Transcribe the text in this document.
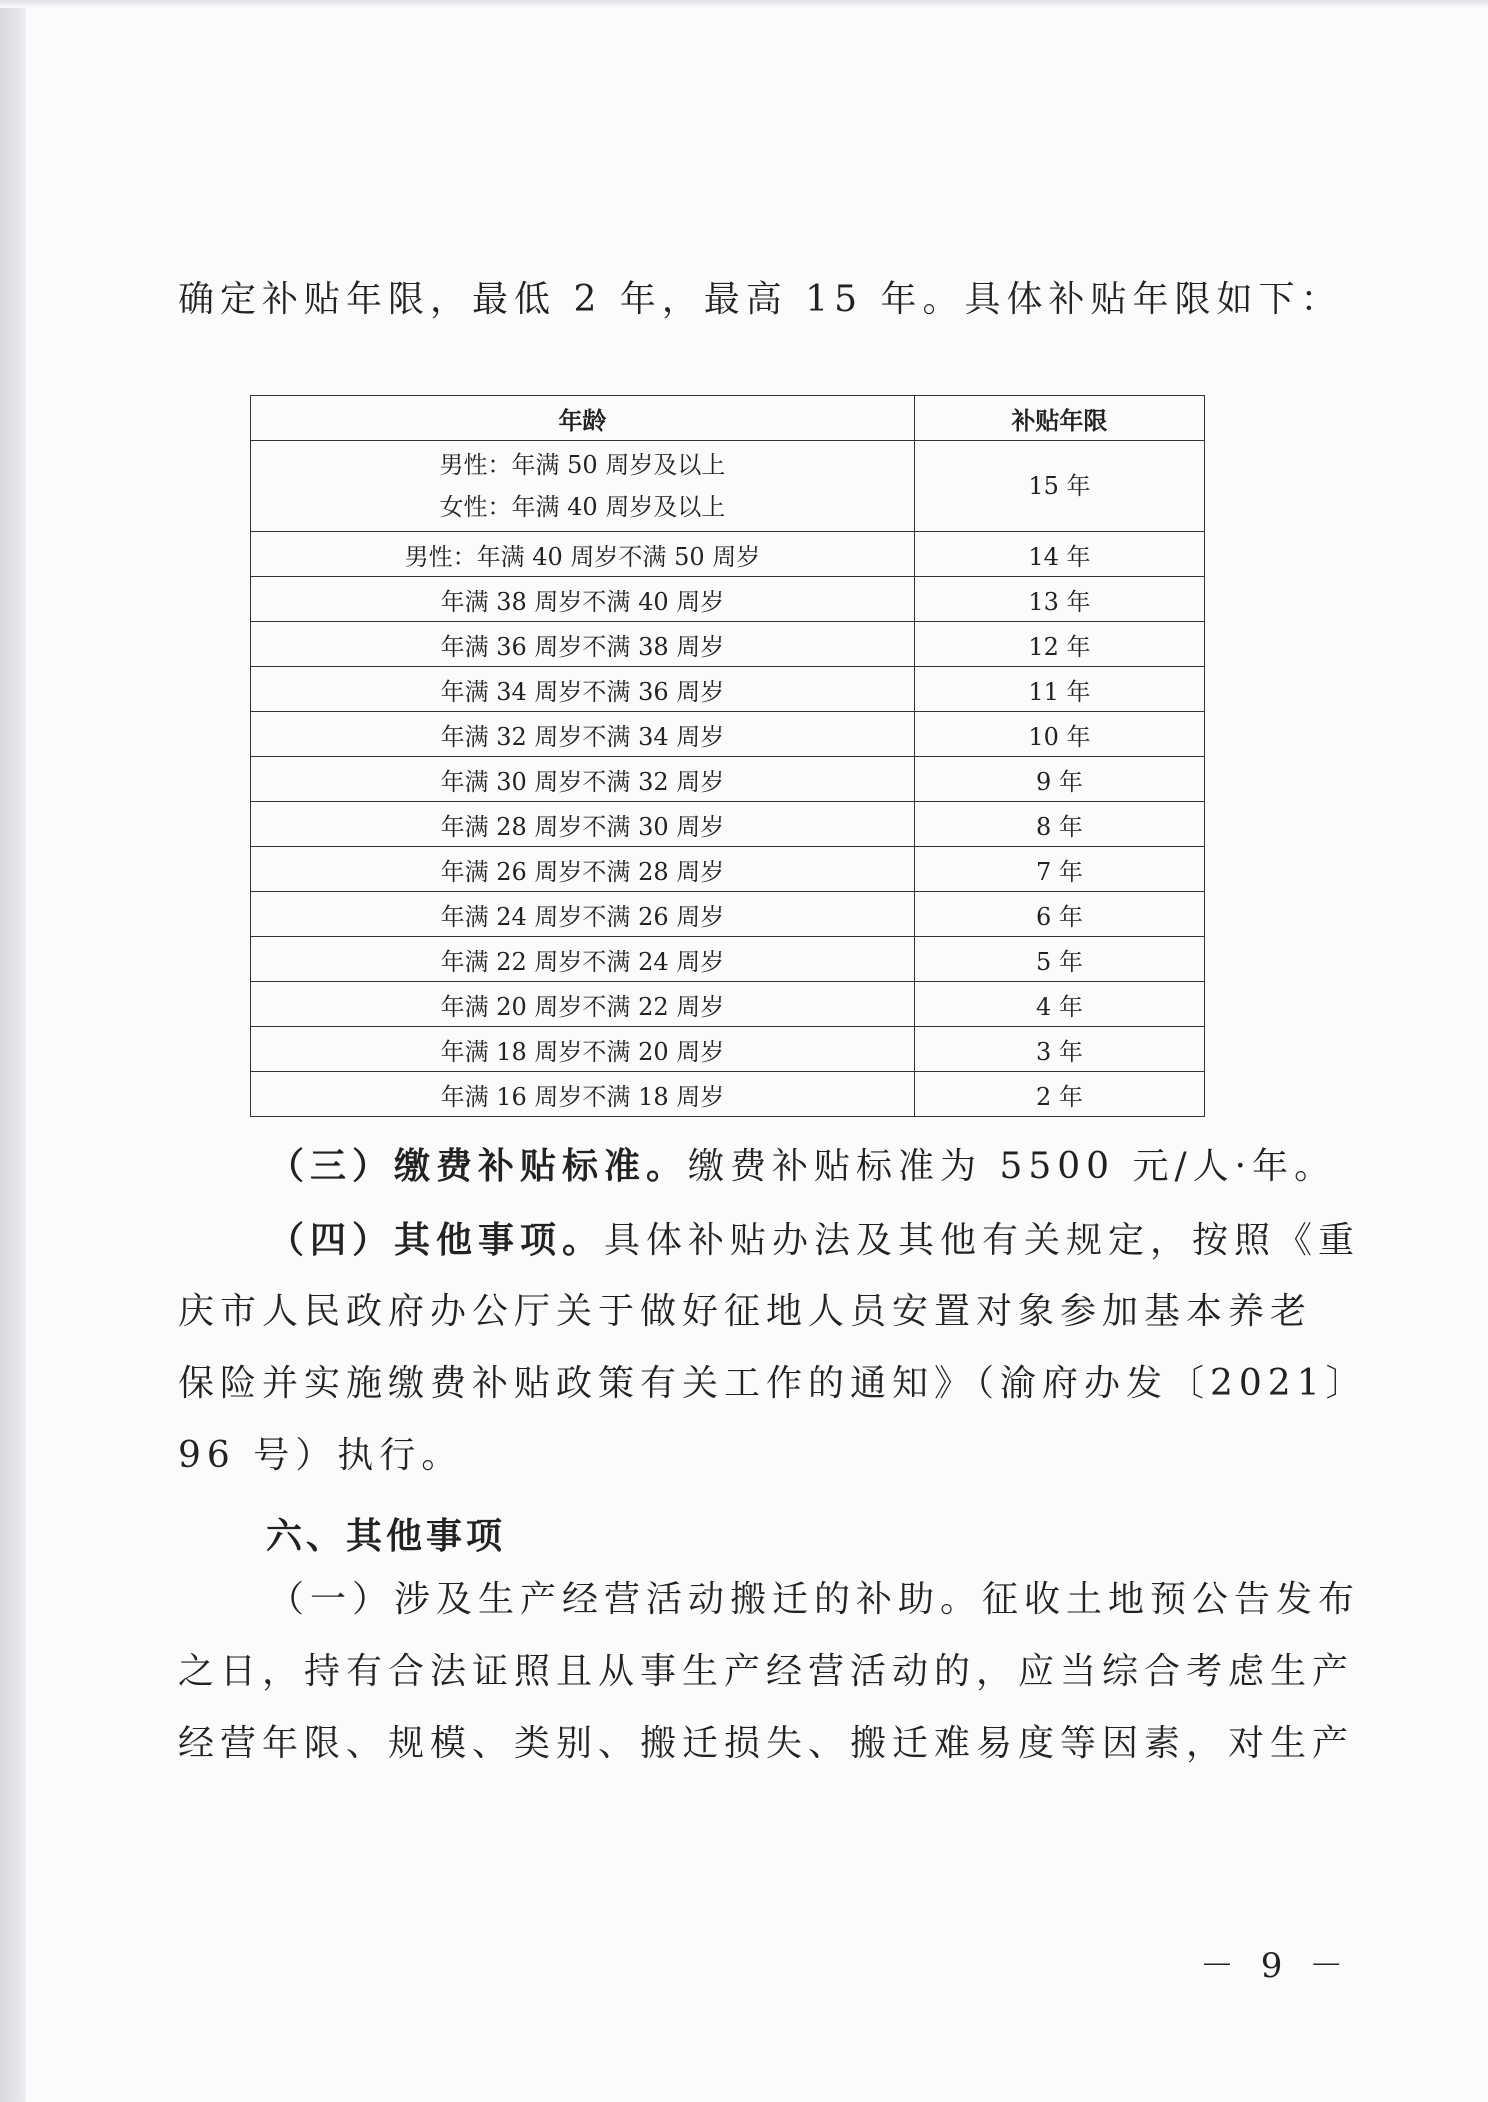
确定补贴年限，最低 2 年，最高 15 年。具体补贴年限如下：
年龄	补贴年限

男性：年满 50 周岁及以上
女性：年满 40 周岁及以上	15 年
男性：年满 40 周岁不满 50 周岁	14 年
年满 38 周岁不满 40 周岁	13 年
年满 36 周岁不满 38 周岁	12 年
年满 34 周岁不满 36 周岁	11 年
年满 32 周岁不满 34 周岁	10 年
年满 30 周岁不满 32 周岁	9 年
年满 28 周岁不满 30 周岁	8 年
年满 26 周岁不满 28 周岁	7 年
年满 24 周岁不满 26 周岁	6 年
年满 22 周岁不满 24 周岁	5 年
年满 20 周岁不满 22 周岁	4 年
年满 18 周岁不满 20 周岁	3 年
年满 16 周岁不满 18 周岁	2 年
（三）缴费补贴标准。缴费补贴标准为 5500 元/人·年。
（四）其他事项。具体补贴办法及其他有关规定，按照《重
庆市人民政府办公厅关于做好征地人员安置对象参加基本养老
保险并实施缴费补贴政策有关工作的通知》（渝府办发〔2021〕
96 号）执行。
六、其他事项
（一）涉及生产经营活动搬迁的补助。征收土地预公告发布
之日，持有合法证照且从事生产经营活动的，应当综合考虑生产
经营年限、规模、类别、搬迁损失、搬迁难易度等因素，对生产
－ 9 －
